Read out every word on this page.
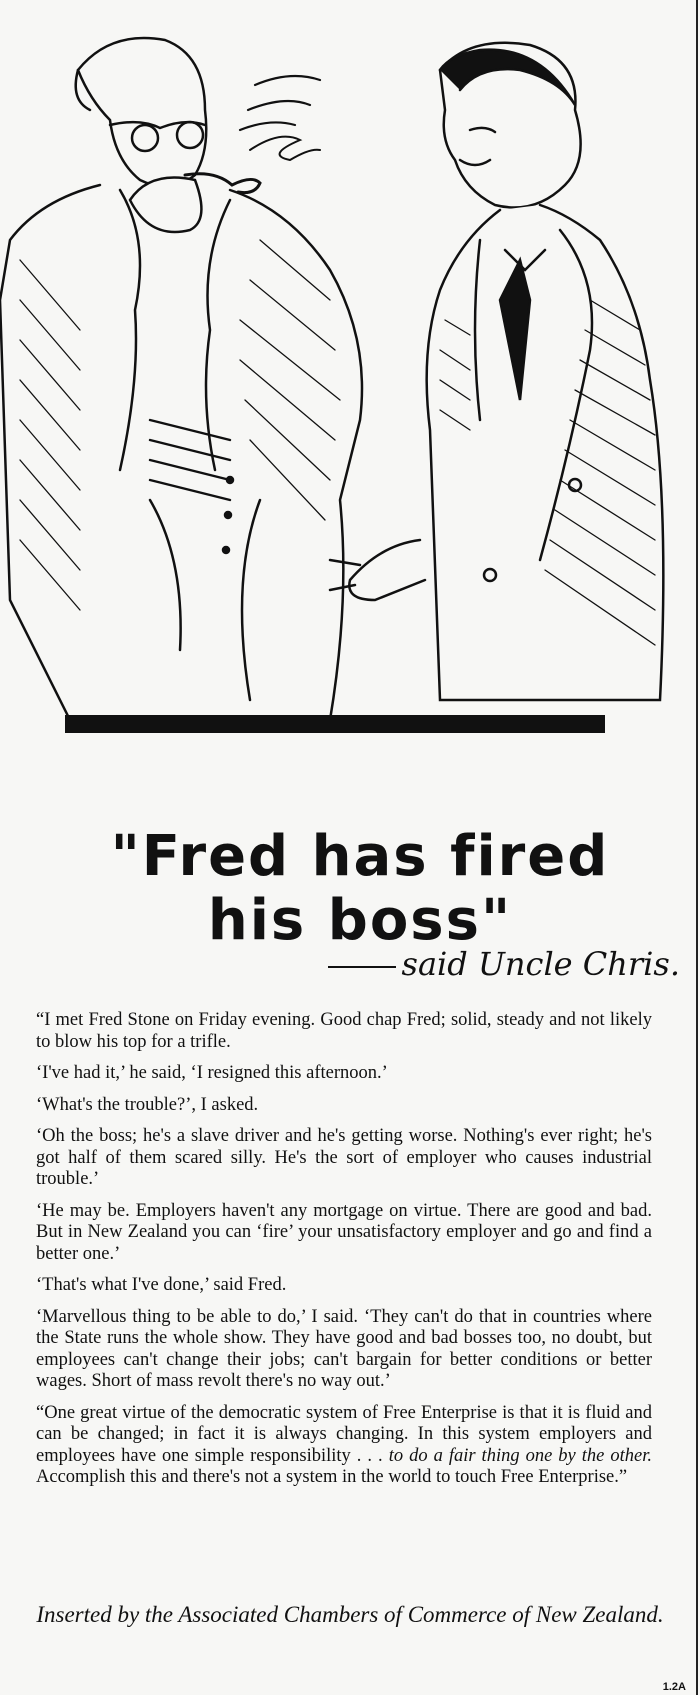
"Fred has fired
his boss"
said Uncle Chris.

“I met Fred Stone on Friday evening. Good chap Fred; solid, steady and not likely to blow his top for a trifle.

‘I've had it,’ he said, ‘I resigned this afternoon.’

‘What's the trouble?’, I asked.

‘Oh the boss; he's a slave driver and he's getting worse. Nothing's ever right; he's got half of them scared silly. He's the sort of employer who causes industrial trouble.’

‘He may be. Employers haven't any mortgage on virtue. There are good and bad. But in New Zealand you can ‘fire’ your unsatisfactory employer and go and find a better one.’

‘That's what I've done,’ said Fred.

‘Marvellous thing to be able to do,’ I said. ‘They can't do that in countries where the State runs the whole show. They have good and bad bosses too, no doubt, but employees can't change their jobs; can't bargain for better conditions or better wages. Short of mass revolt there's no way out.’

“One great virtue of the democratic system of Free Enterprise is that it is fluid and can be changed; in fact it is always changing. In this system employers and employees have one simple responsibility . . . to do a fair thing one by the other. Accomplish this and there's not a system in the world to touch Free Enterprise.”

Inserted by the Associated Chambers of Commerce of New Zealand.
1.2A
